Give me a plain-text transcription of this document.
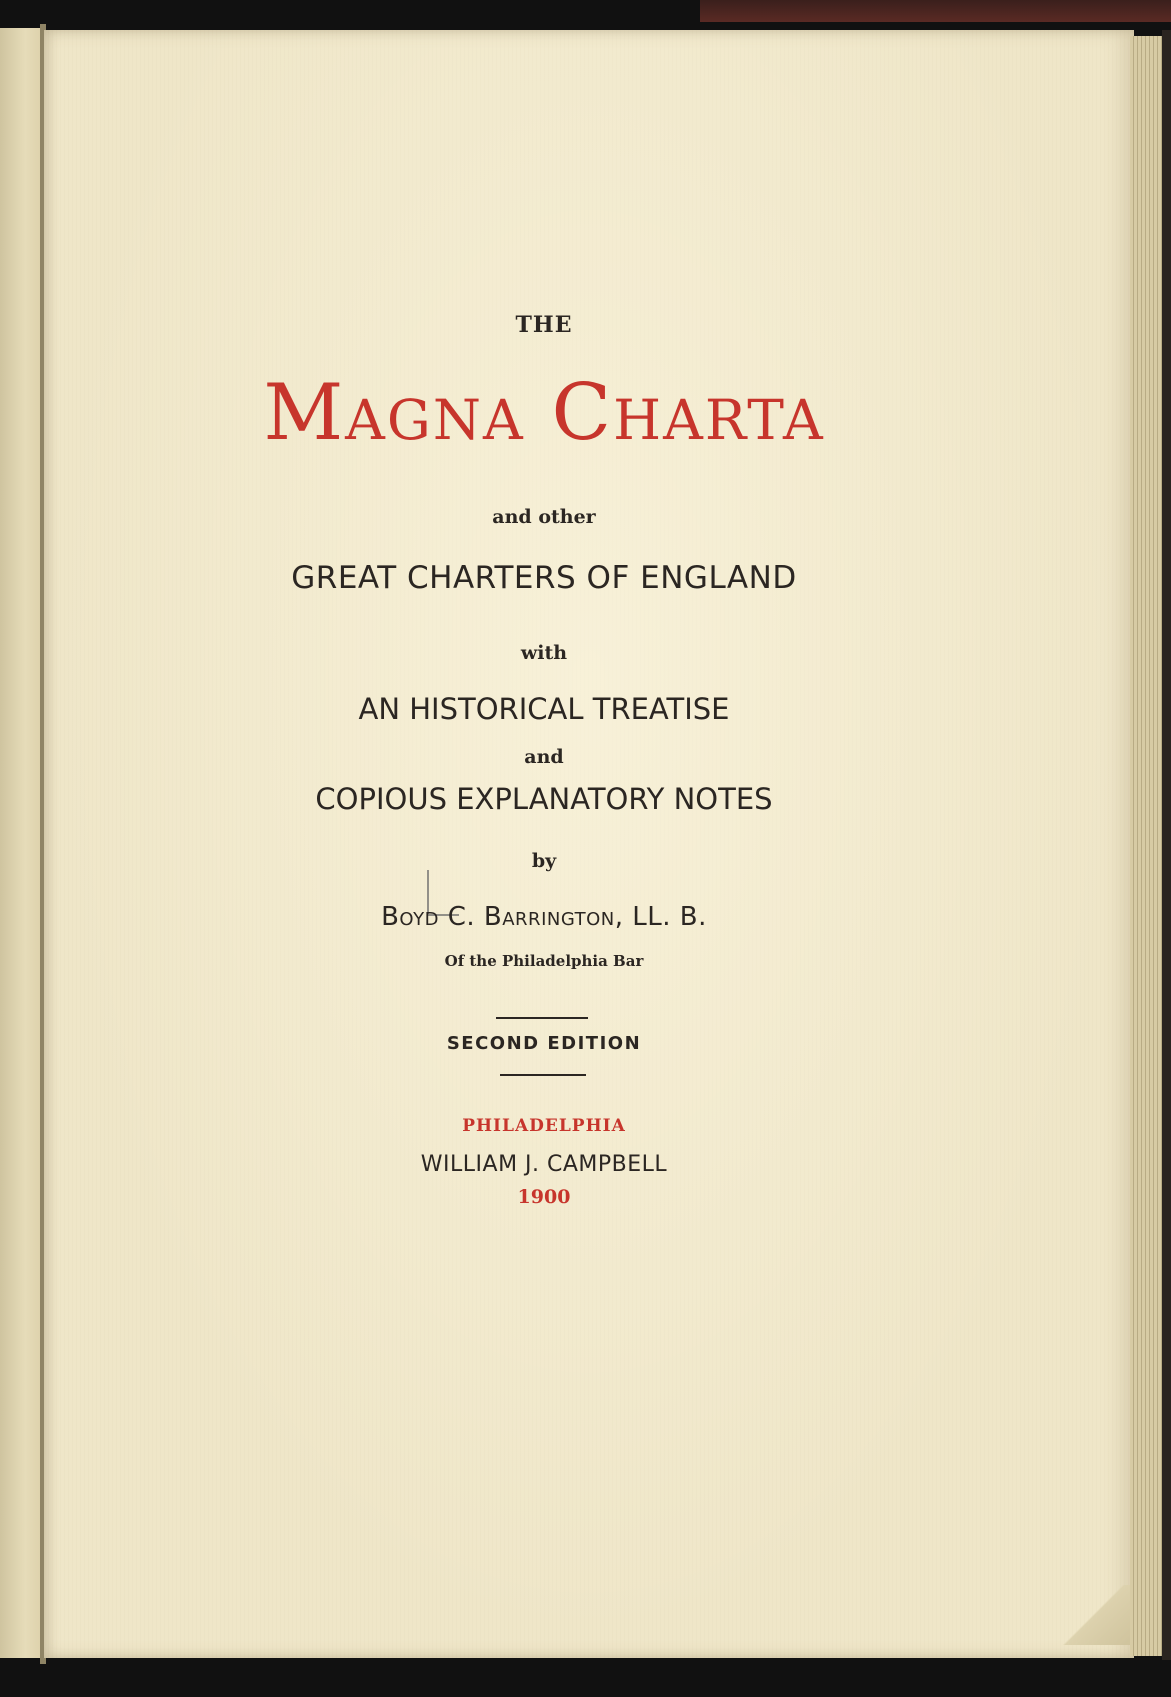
THE

Magna Charta

and other

GREAT CHARTERS OF ENGLAND

with

AN HISTORICAL TREATISE

and

COPIOUS EXPLANATORY NOTES

by

Boyd C. Barrington, LL. B.

Of the Philadelphia Bar

SECOND EDITION

PHILADELPHIA

WILLIAM J. CAMPBELL

1900
